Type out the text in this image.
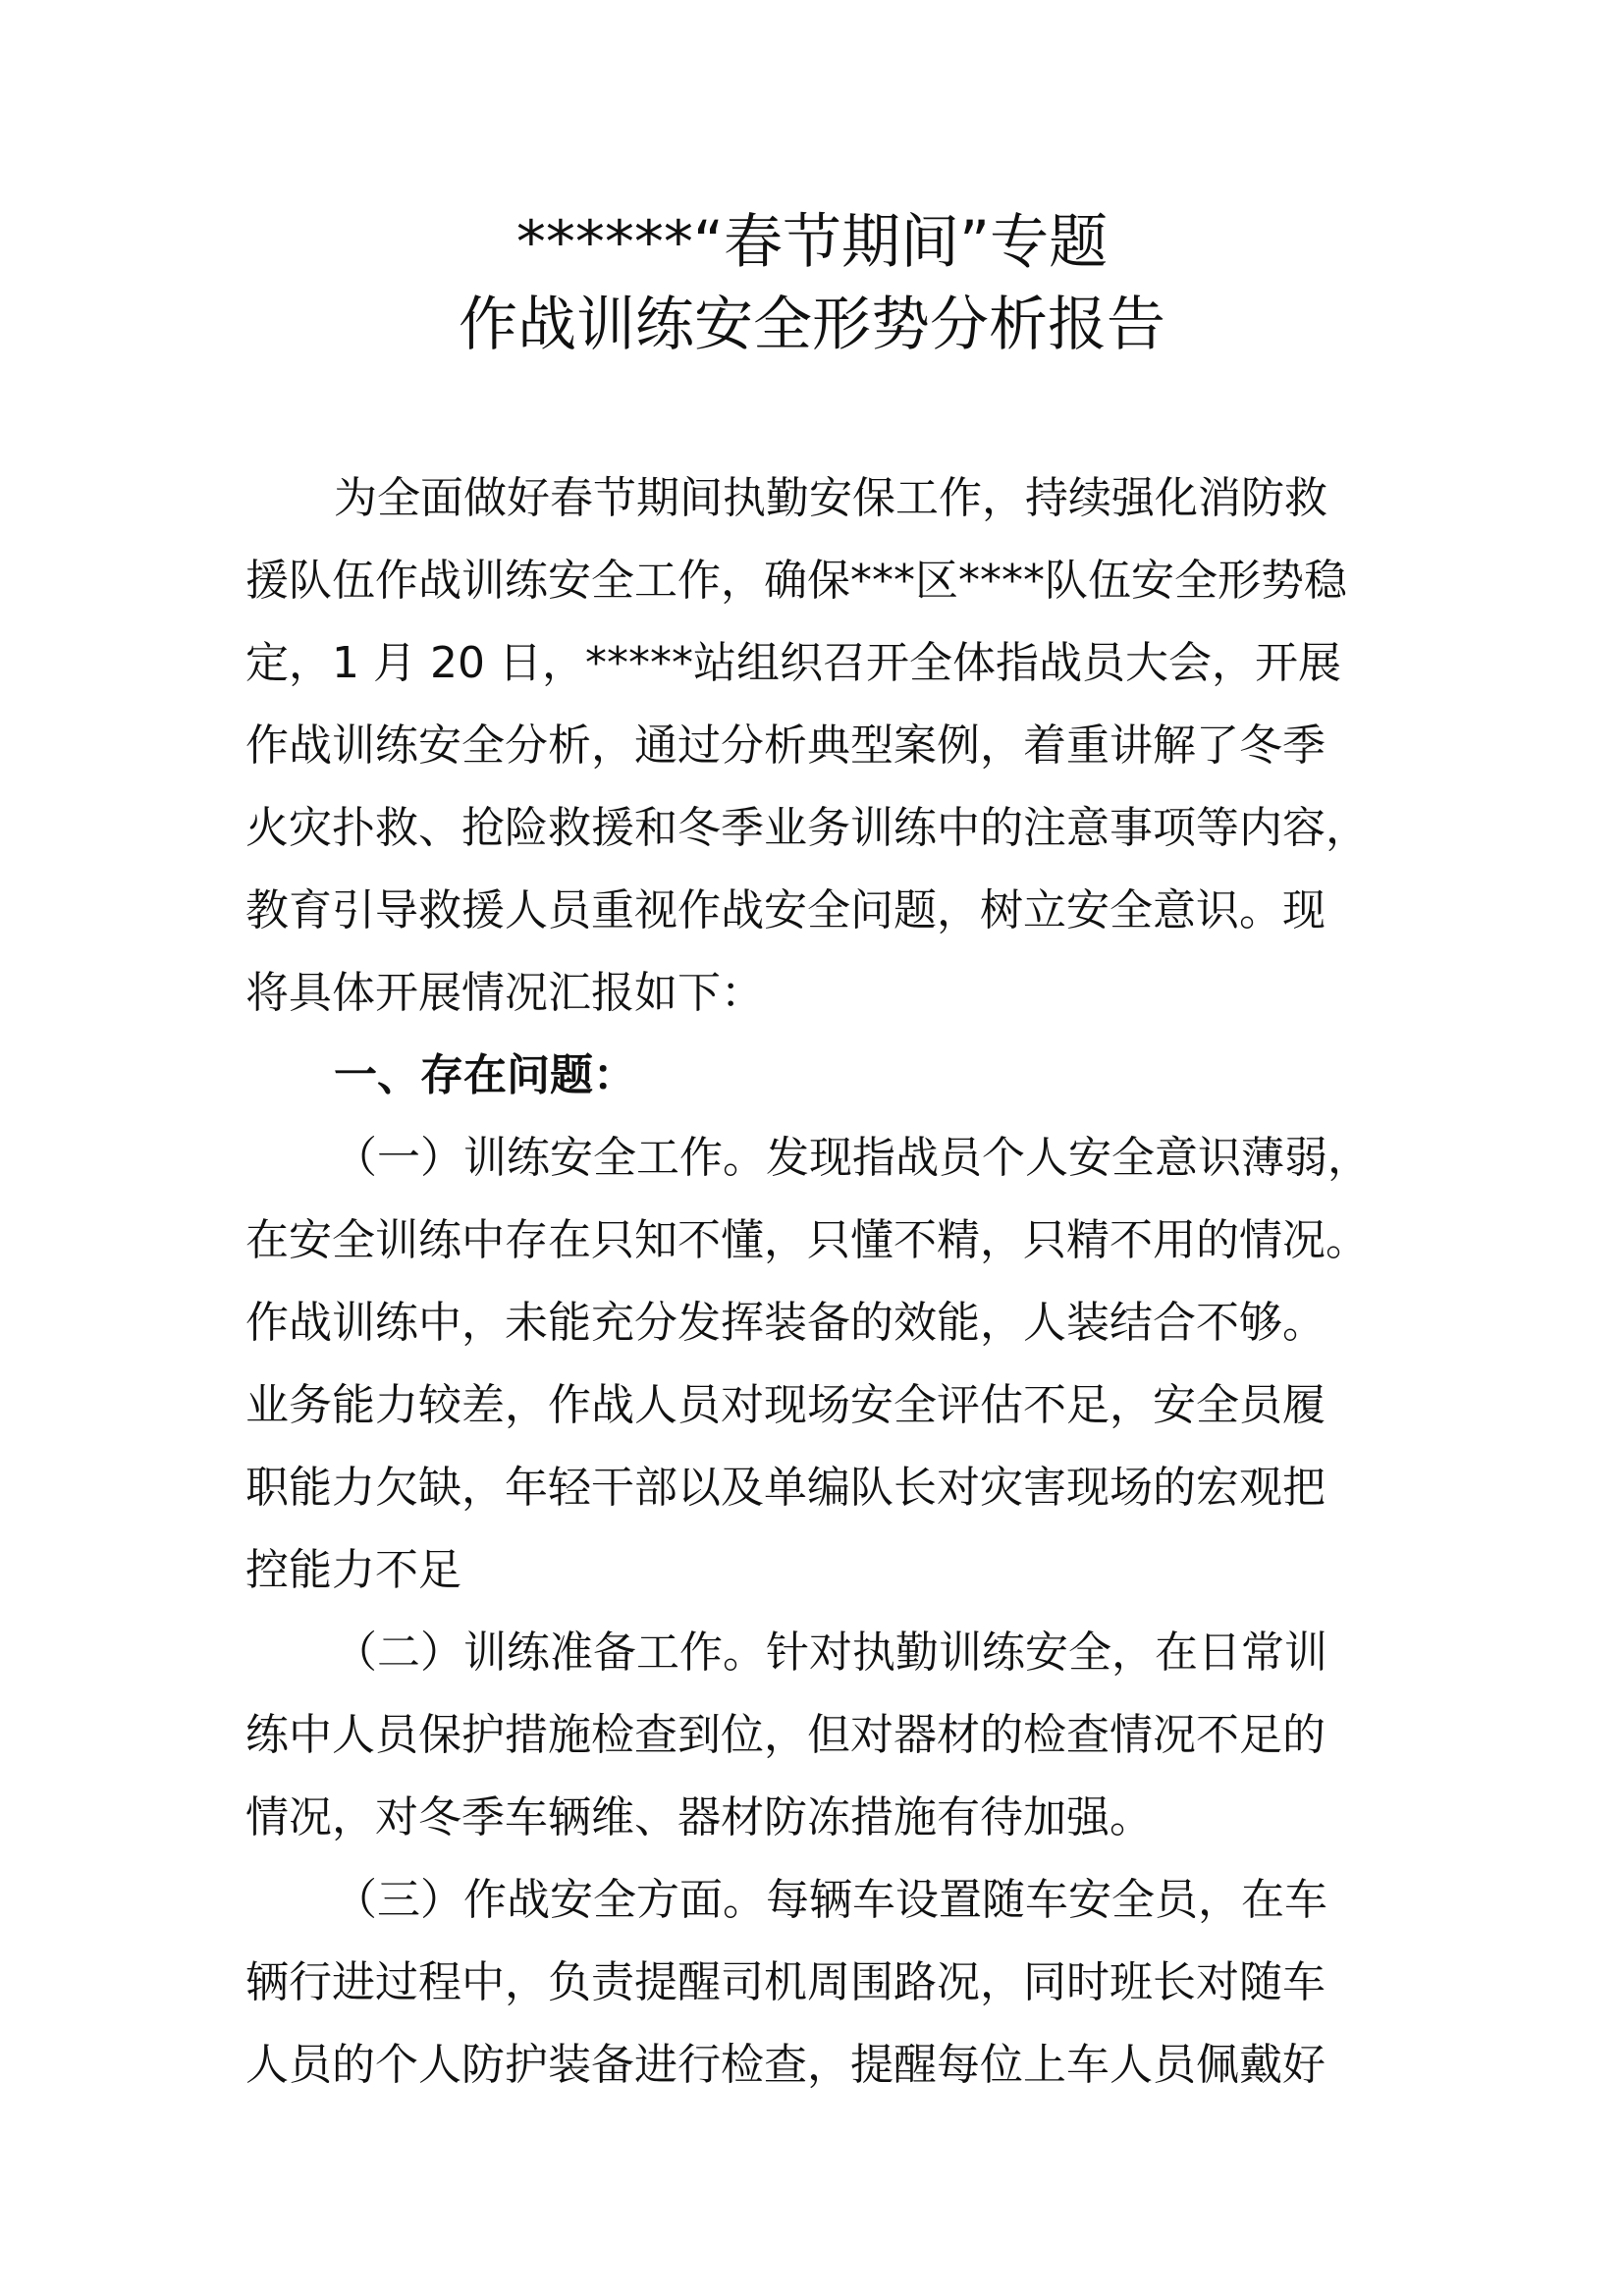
******“春节期间”专题
作战训练安全形势分析报告

为全面做好春节期间执勤安保工作，持续强化消防救

援队伍作战训练安全工作，确保***区****队伍安全形势稳

定，1 月 20 日，*****站组织召开全体指战员大会，开展

作战训练安全分析，通过分析典型案例，着重讲解了冬季

火灾扑救、抢险救援和冬季业务训练中的注意事项等内容，

教育引导救援人员重视作战安全问题，树立安全意识。现

将具体开展情况汇报如下：

一、存在问题：

（一）训练安全工作。发现指战员个人安全意识薄弱，

在安全训练中存在只知不懂，只懂不精，只精不用的情况。

作战训练中，未能充分发挥装备的效能，人装结合不够。

业务能力较差，作战人员对现场安全评估不足，安全员履

职能力欠缺，年轻干部以及单编队长对灾害现场的宏观把

控能力不足

（二）训练准备工作。针对执勤训练安全，在日常训

练中人员保护措施检查到位，但对器材的检查情况不足的

情况，对冬季车辆维、器材防冻措施有待加强。

（三）作战安全方面。每辆车设置随车安全员，在车

辆行进过程中，负责提醒司机周围路况，同时班长对随车

人员的个人防护装备进行检查，提醒每位上车人员佩戴好
